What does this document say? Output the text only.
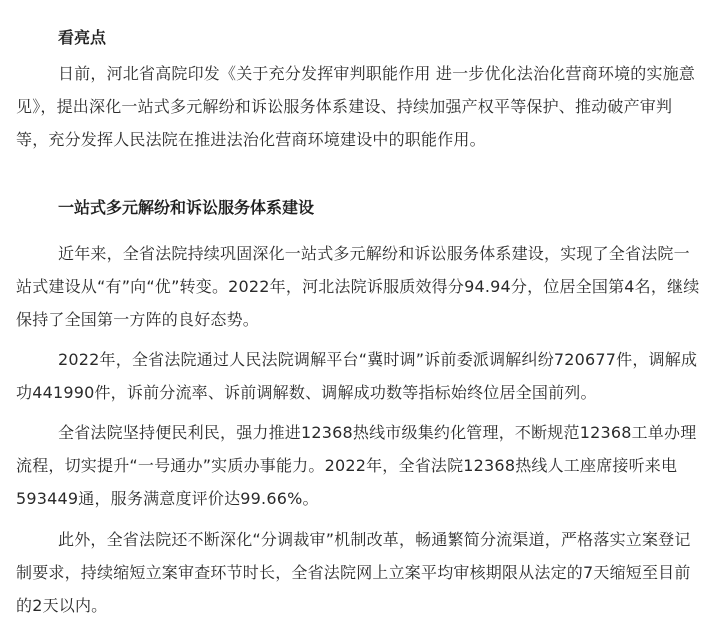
看亮点

日前，河北省高院印发《关于充分发挥审判职能作用 进一步优化法治化营商环境的实施意见》，提出深化一站式多元解纷和诉讼服务体系建设、持续加强产权平等保护、推动破产审判等，充分发挥人民法院在推进法治化营商环境建设中的职能作用。

一站式多元解纷和诉讼服务体系建设

近年来，全省法院持续巩固深化一站式多元解纷和诉讼服务体系建设，实现了全省法院一站式建设从“有”向“优”转变。2022年，河北法院诉服质效得分94.94分，位居全国第4名，继续保持了全国第一方阵的良好态势。

2022年，全省法院通过人民法院调解平台“冀时调”诉前委派调解纠纷720677件，调解成功441990件，诉前分流率、诉前调解数、调解成功数等指标始终位居全国前列。

全省法院坚持便民利民，强力推进12368热线市级集约化管理，不断规范12368工单办理流程，切实提升“一号通办”实质办事能力。2022年，全省法院12368热线人工座席接听来电593449通，服务满意度评价达99.66%。

此外，全省法院还不断深化“分调裁审”机制改革，畅通繁简分流渠道，严格落实立案登记制要求，持续缩短立案审查环节时长，全省法院网上立案平均审核期限从法定的7天缩短至目前的2天以内。
